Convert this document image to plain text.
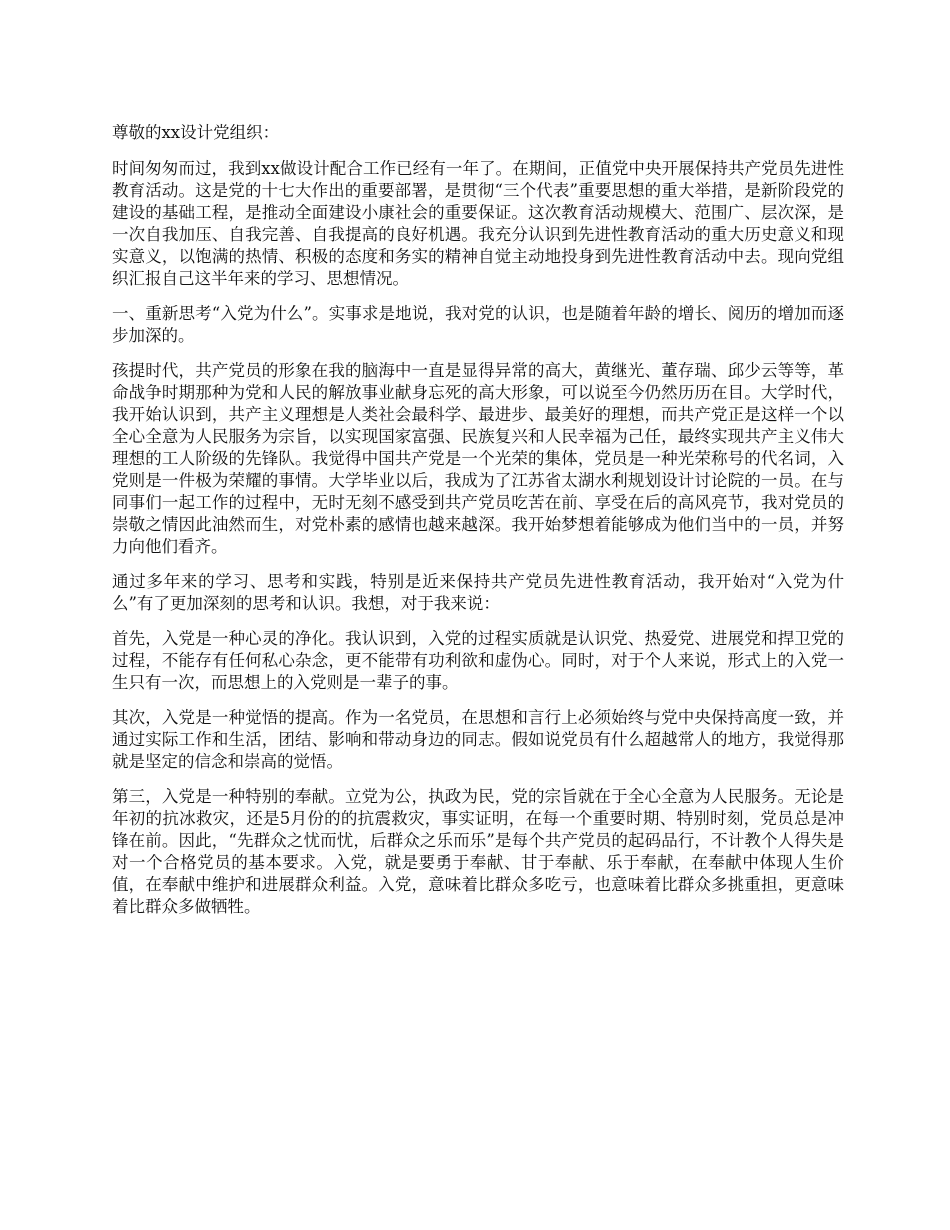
尊敬的xx设计党组织：

时间匆匆而过，我到xx做设计配合工作已经有一年了。在期间，正值党中央开展保持共产党员先进性教育活动。这是党的十七大作出的重要部署，是贯彻“三个代表”重要思想的重大举措，是新阶段党的建设的基础工程，是推动全面建设小康社会的重要保证。这次教育活动规模大、范围广、层次深，是一次自我加压、自我完善、自我提高的良好机遇。我充分认识到先进性教育活动的重大历史意义和现实意义，以饱满的热情、积极的态度和务实的精神自觉主动地投身到先进性教育活动中去。现向党组织汇报自己这半年来的学习、思想情况。

一、重新思考“入党为什么”。实事求是地说，我对党的认识，也是随着年龄的增长、阅历的增加而逐步加深的。

孩提时代，共产党员的形象在我的脑海中一直是显得异常的高大，黄继光、董存瑞、邱少云等等，革命战争时期那种为党和人民的解放事业献身忘死的高大形象，可以说至今仍然历历在目。大学时代，我开始认识到，共产主义理想是人类社会最科学、最进步、最美好的理想，而共产党正是这样一个以全心全意为人民服务为宗旨，以实现国家富强、民族复兴和人民幸福为己任，最终实现共产主义伟大理想的工人阶级的先锋队。我觉得中国共产党是一个光荣的集体，党员是一种光荣称号的代名词，入党则是一件极为荣耀的事情。大学毕业以后，我成为了江苏省太湖水利规划设计讨论院的一员。在与同事们一起工作的过程中，无时无刻不感受到共产党员吃苦在前、享受在后的高风亮节，我对党员的崇敬之情因此油然而生，对党朴素的感情也越来越深。我开始梦想着能够成为他们当中的一员，并努力向他们看齐。

通过多年来的学习、思考和实践，特别是近来保持共产党员先进性教育活动，我开始对“入党为什么”有了更加深刻的思考和认识。我想，对于我来说：

首先，入党是一种心灵的净化。我认识到，入党的过程实质就是认识党、热爱党、进展党和捍卫党的过程，不能存有任何私心杂念，更不能带有功利欲和虚伪心。同时，对于个人来说，形式上的入党一生只有一次，而思想上的入党则是一辈子的事。

其次，入党是一种觉悟的提高。作为一名党员，在思想和言行上必须始终与党中央保持高度一致，并通过实际工作和生活，团结、影响和带动身边的同志。假如说党员有什么超越常人的地方，我觉得那就是坚定的信念和崇高的觉悟。

第三，入党是一种特别的奉献。立党为公，执政为民，党的宗旨就在于全心全意为人民服务。无论是年初的抗冰救灾，还是5月份的的抗震救灾，事实证明，在每一个重要时期、特别时刻，党员总是冲锋在前。因此，“先群众之忧而忧，后群众之乐而乐”是每个共产党员的起码品行，不计教个人得失是对一个合格党员的基本要求。入党，就是要勇于奉献、甘于奉献、乐于奉献，在奉献中体现人生价值，在奉献中维护和进展群众利益。入党，意味着比群众多吃亏，也意味着比群众多挑重担，更意味着比群众多做牺牲。
